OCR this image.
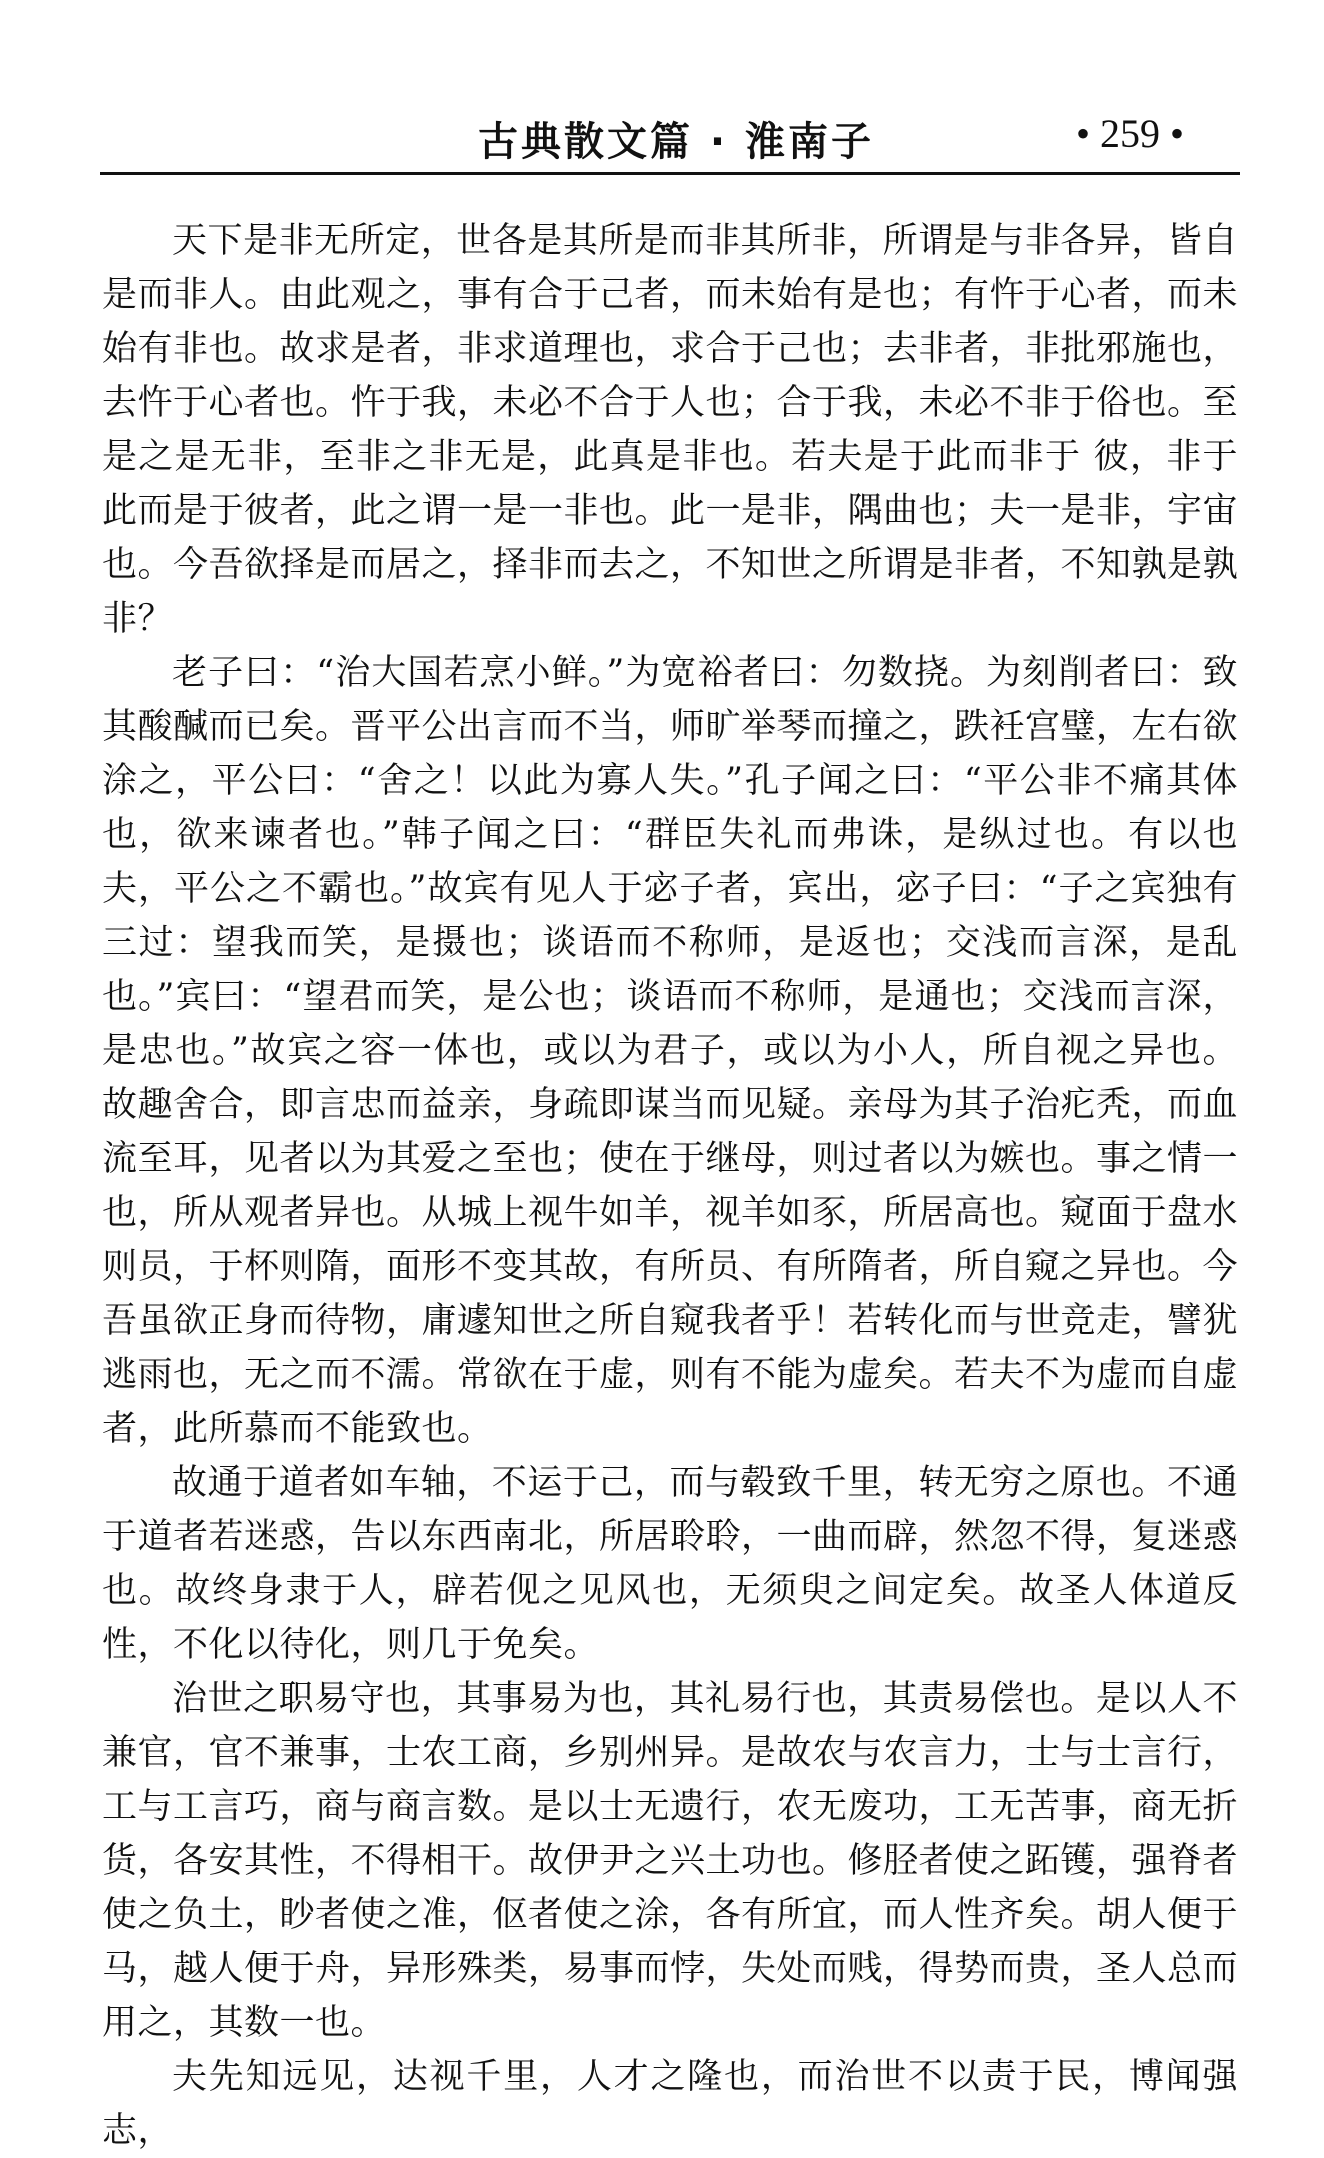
古典散文篇 · 淮南子	• 259 •

天下是非无所定，世各是其所是而非其所非，所谓是与非各异，皆自是而非人。由此观之，事有合于己者，而未始有是也；有忤于心者，而未始有非也。故求是者，非求道理也，求合于己也；去非者，非批邪施也，去忤于心者也。忤于我，未必不合于人也；合于我，未必不非于俗也。至是之是无非，至非之非无是，此真是非也。若夫是于此而非于 彼，非于此而是于彼者，此之谓一是一非也。此一是非，隅曲也；夫一是非，宇宙也。今吾欲择是而居之，择非而去之，不知世之所谓是非者，不知孰是孰非？

老子曰：“治大国若烹小鲜。”为宽裕者曰：勿数挠。为刻削者曰：致其酸醎而已矣。晋平公出言而不当，师旷举琴而撞之，跌衽宫璧，左右欲涂之，平公曰：“舍之！以此为寡人失。”孔子闻之曰：“平公非不痛其体也，欲来谏者也。”韩子闻之曰：“群臣失礼而弗诛，是纵过也。有以也夫，平公之不霸也。”故宾有见人于宓子者，宾出，宓子曰：“子之宾独有三过：望我而笑，是摄也；谈语而不称师，是返也；交浅而言深，是乱也。”宾曰：“望君而笑，是公也；谈语而不称师，是通也；交浅而言深，是忠也。”故宾之容一体也，或以为君子，或以为小人，所自视之异也。故趣舍合，即言忠而益亲，身疏即谋当而见疑。亲母为其子治疕秃，而血流至耳，见者以为其爱之至也；使在于继母，则过者以为嫉也。事之情一也，所从观者异也。从城上视牛如羊，视羊如豕，所居高也。窥面于盘水则员，于杯则隋，面形不变其故，有所员、有所隋者，所自窥之异也。今吾虽欲正身而待物，庸遽知世之所自窥我者乎！若转化而与世竞走，譬犹逃雨也，无之而不濡。常欲在于虚，则有不能为虚矣。若夫不为虚而自虚者，此所慕而不能致也。

故通于道者如车轴，不运于己，而与毂致千里，转无穷之原也。不通于道者若迷惑，告以东西南北，所居聆聆，一曲而辟，然忽不得，复迷惑也。故终身隶于人，辟若伣之见风也，无须臾之间定矣。故圣人体道反性，不化以待化，则几于免矣。

治世之职易守也，其事易为也，其礼易行也，其责易偿也。是以人不兼官，官不兼事，士农工商，乡别州异。是故农与农言力，士与士言行，工与工言巧，商与商言数。是以士无遗行，农无废功，工无苦事，商无折货，各安其性，不得相干。故伊尹之兴土功也。修胫者使之跖镬，强脊者使之负土，眇者使之准，伛者使之涂，各有所宜，而人性齐矣。胡人便于马，越人便于舟，异形殊类，易事而悖，失处而贱，得势而贵，圣人总而用之，其数一也。

夫先知远见，达视千里，人才之隆也，而治世不以责于民，博闻强志，
